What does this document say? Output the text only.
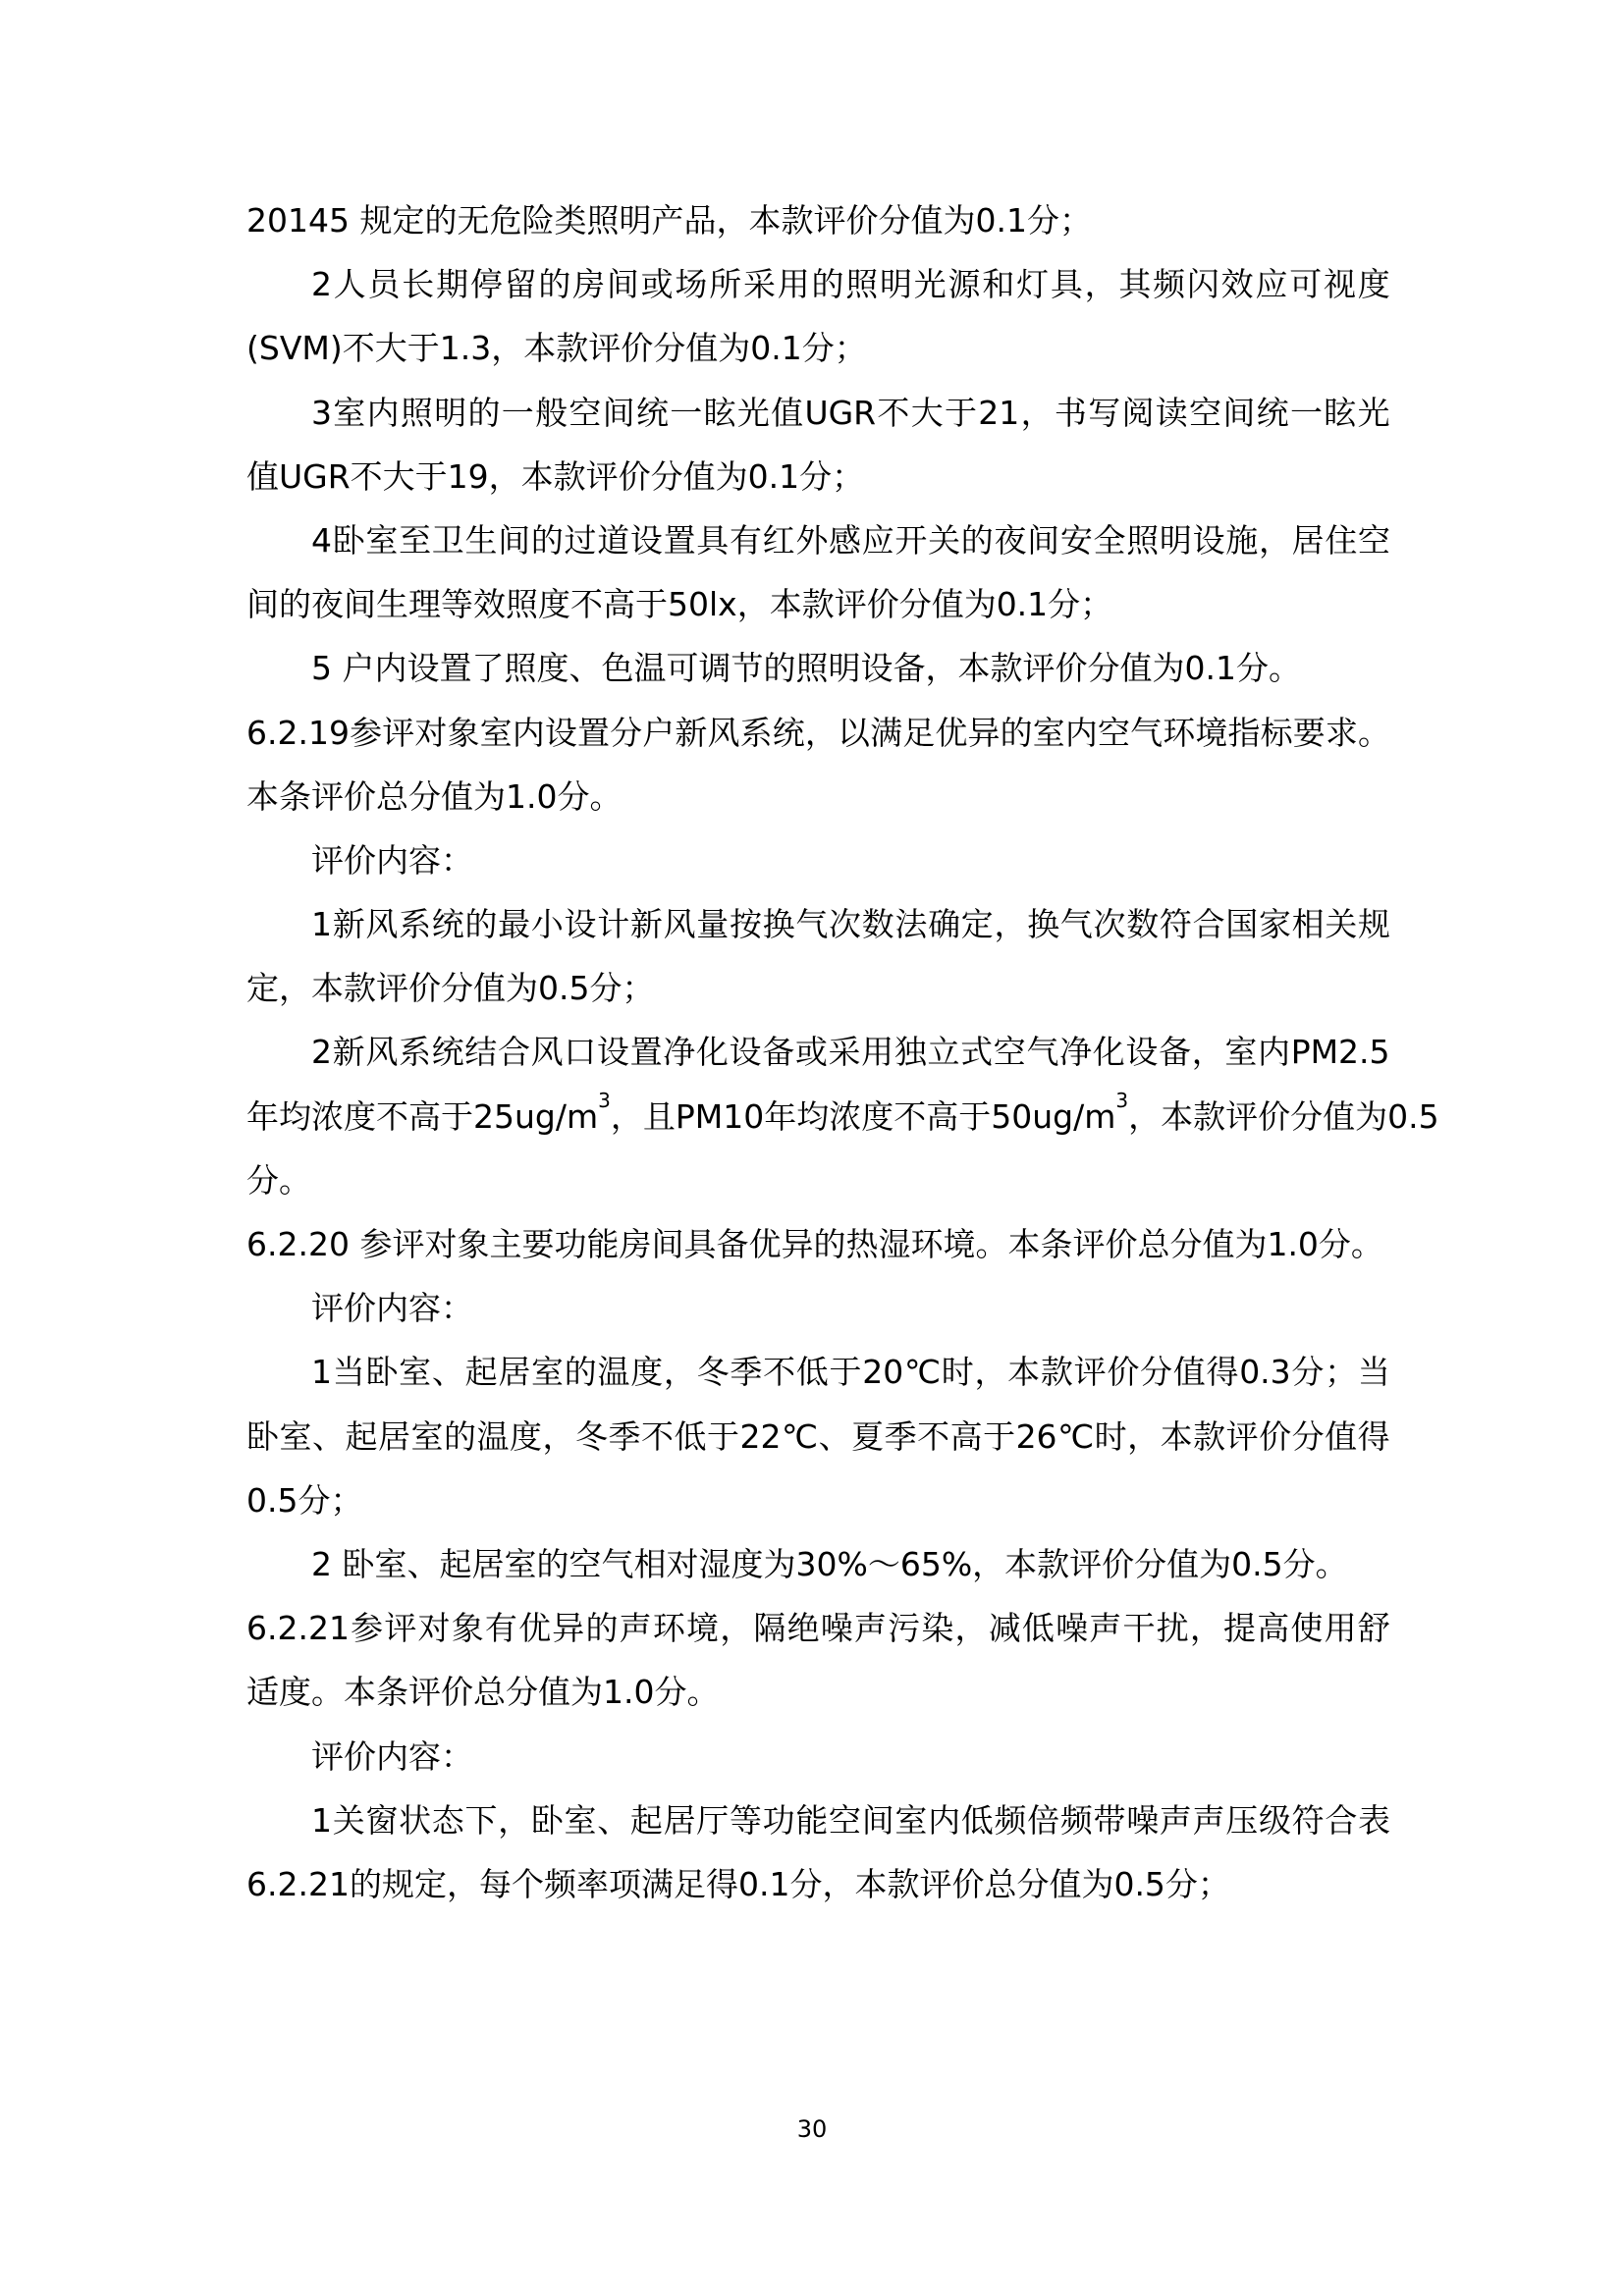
20145 规定的无危险类照明产品，本款评价分值为0.1分；
2 人 员 长 期 停 留 的 房 间 或 场 所 采 用 的 照 明 光 源 和 灯 具 ， 其 频 闪 效 应 可 视 度
(SVM)不大于1.3，本款评价分值为0.1分；
3 室 内 照 明 的 一 般 空 间 统 一 眩 光 值 UGR 不 大 于 21 ， 书 写 阅 读 空 间 统 一 眩 光
值UGR不大于19，本款评价分值为0.1分；
4 卧 室 至 卫 生 间 的 过 道 设 置 具 有 红 外 感 应 开 关 的 夜 间 安 全 照 明 设 施 ， 居 住 空
间的夜间生理等效照度不高于50lx，本款评价分值为0.1分；
5 户内设置了照度、色温可调节的照明设备，本款评价分值为0.1分。
6.2.19 参 评 对 象 室 内 设 置 分 户 新 风 系 统 ， 以 满 足 优 异 的 室 内 空 气 环 境 指 标 要 求 。
本条评价总分值为1.0分。
评价内容：
1 新 风 系 统 的 最 小 设 计 新 风 量 按 换 气 次 数 法 确 定 ， 换 气 次 数 符 合 国 家 相 关 规
定，本款评价分值为0.5分；
2 新 风 系 统 结 合 风 口 设 置 净 化 设 备 或 采 用 独 立 式 空 气 净 化 设 备 ， 室 内 PM2.5
年均浓度不高于$25ug/m^3$，且PM10年均浓度不高于$50ug/m^3$，本款评价分值为0.5
分。
6.2.20 参评对象主要功能房间具备优异的热湿环境。本条评价总分值为1.0分。
评价内容：
1 当 卧 室 、 起 居 室 的 温 度 ， 冬 季 不 低 于 20 ℃ 时 ， 本 款 评 价 分 值 得 0.3 分 ； 当
卧 室 、 起 居 室 的 温 度 ， 冬 季 不 低 于 22 ℃ 、 夏 季 不 高 于 26 ℃ 时 ， 本 款 评 价 分 值 得
0.5分；
2 卧室、起居室的空气相对湿度为30%～65%，本款评价分值为0.5分。
6.2.21 参 评 对 象 有 优 异 的 声 环 境 ， 隔 绝 噪 声 污 染 ， 减 低 噪 声 干 扰 ， 提 高 使 用 舒
适度。本条评价总分值为1.0分。
评价内容：
1 关 窗 状 态 下 ， 卧 室 、 起 居 厅 等 功 能 空 间 室 内 低 频 倍 频 带 噪 声 声 压 级 符 合 表
6.2.21的规定，每个频率项满足得0.1分，本款评价总分值为0.5分；
30
